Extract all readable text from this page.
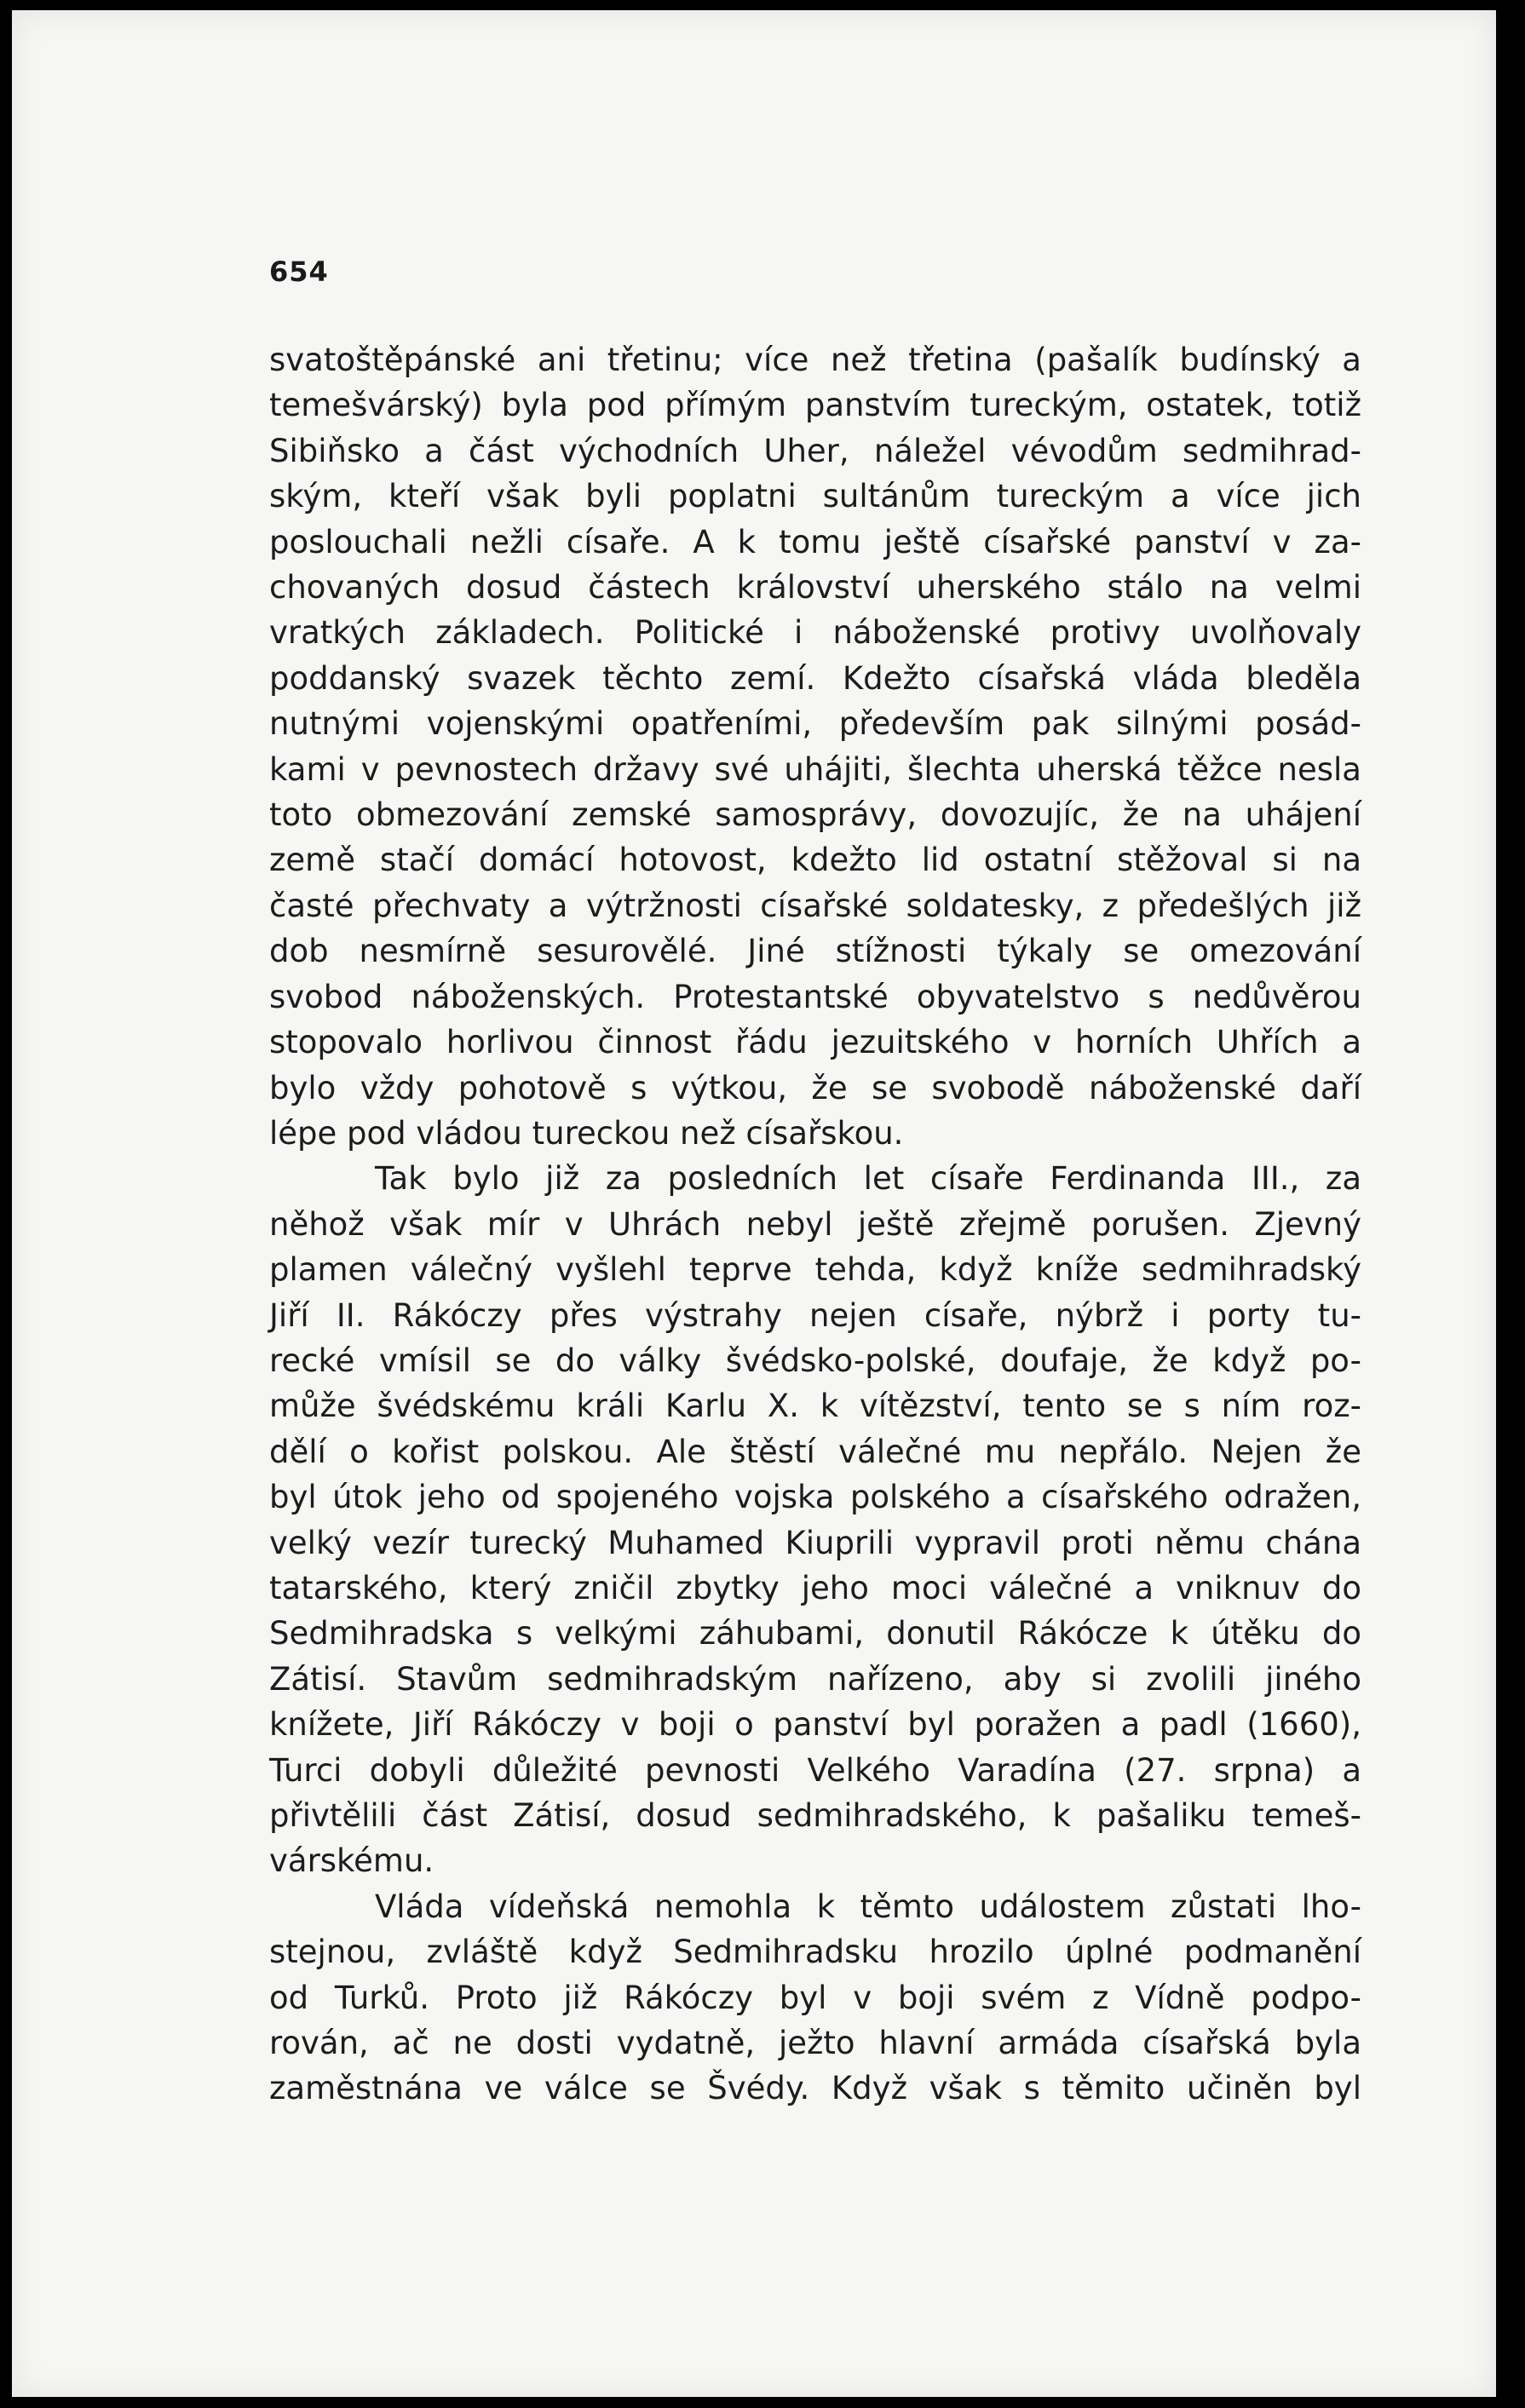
654
svatoštěpánské ani třetinu; více než třetina (pašalík budínský a
temešvárský) byla pod přímým panstvím tureckým, ostatek, totiž
Sibiňsko a část východních Uher, náležel vévodům sedmihrad-
ským, kteří však byli poplatni sultánům tureckým a více jich
poslouchali nežli císaře. A k tomu ještě císařské panství v za-
chovaných dosud částech království uherského stálo na velmi
vratkých základech. Politické i náboženské protivy uvolňovaly
poddanský svazek těchto zemí. Kdežto císařská vláda bleděla
nutnými vojenskými opatřeními, především pak silnými posád-
kami v pevnostech državy své uhájiti, šlechta uherská těžce nesla
toto obmezování zemské samosprávy, dovozujíc, že na uhájení
země stačí domácí hotovost, kdežto lid ostatní stěžoval si na
časté přechvaty a výtržnosti císařské soldatesky, z předešlých již
dob nesmírně sesurovělé. Jiné stížnosti týkaly se omezování
svobod náboženských. Protestantské obyvatelstvo s nedůvěrou
stopovalo horlivou činnost řádu jezuitského v horních Uhřích a
bylo vždy pohotově s výtkou, že se svobodě náboženské daří
lépe pod vládou tureckou než císařskou.
Tak bylo již za posledních let císaře Ferdinanda III., za
něhož však mír v Uhrách nebyl ještě zřejmě porušen. Zjevný
plamen válečný vyšlehl teprve tehda, když kníže sedmihradský
Jiří II. Rákóczy přes výstrahy nejen císaře, nýbrž i porty tu-
recké vmísil se do války švédsko-polské, doufaje, že když po-
může švédskému králi Karlu X. k vítězství, tento se s ním roz-
dělí o kořist polskou. Ale štěstí válečné mu nepřálo. Nejen že
byl útok jeho od spojeného vojska polského a císařského odražen,
velký vezír turecký Muhamed Kiuprili vypravil proti němu chána
tatarského, který zničil zbytky jeho moci válečné a vniknuv do
Sedmihradska s velkými záhubami, donutil Rákócze k útěku do
Zátisí. Stavům sedmihradským nařízeno, aby si zvolili jiného
knížete, Jiří Rákóczy v boji o panství byl poražen a padl (1660),
Turci dobyli důležité pevnosti Velkého Varadína (27. srpna) a
přivtělili část Zátisí, dosud sedmihradského, k pašaliku temeš-
várskému.
Vláda vídeňská nemohla k těmto událostem zůstati lho-
stejnou, zvláště když Sedmihradsku hrozilo úplné podmanění
od Turků. Proto již Rákóczy byl v boji svém z Vídně podpo-
rován, ač ne dosti vydatně, ježto hlavní armáda císařská byla
zaměstnána ve válce se Švédy. Když však s těmito učiněn byl
